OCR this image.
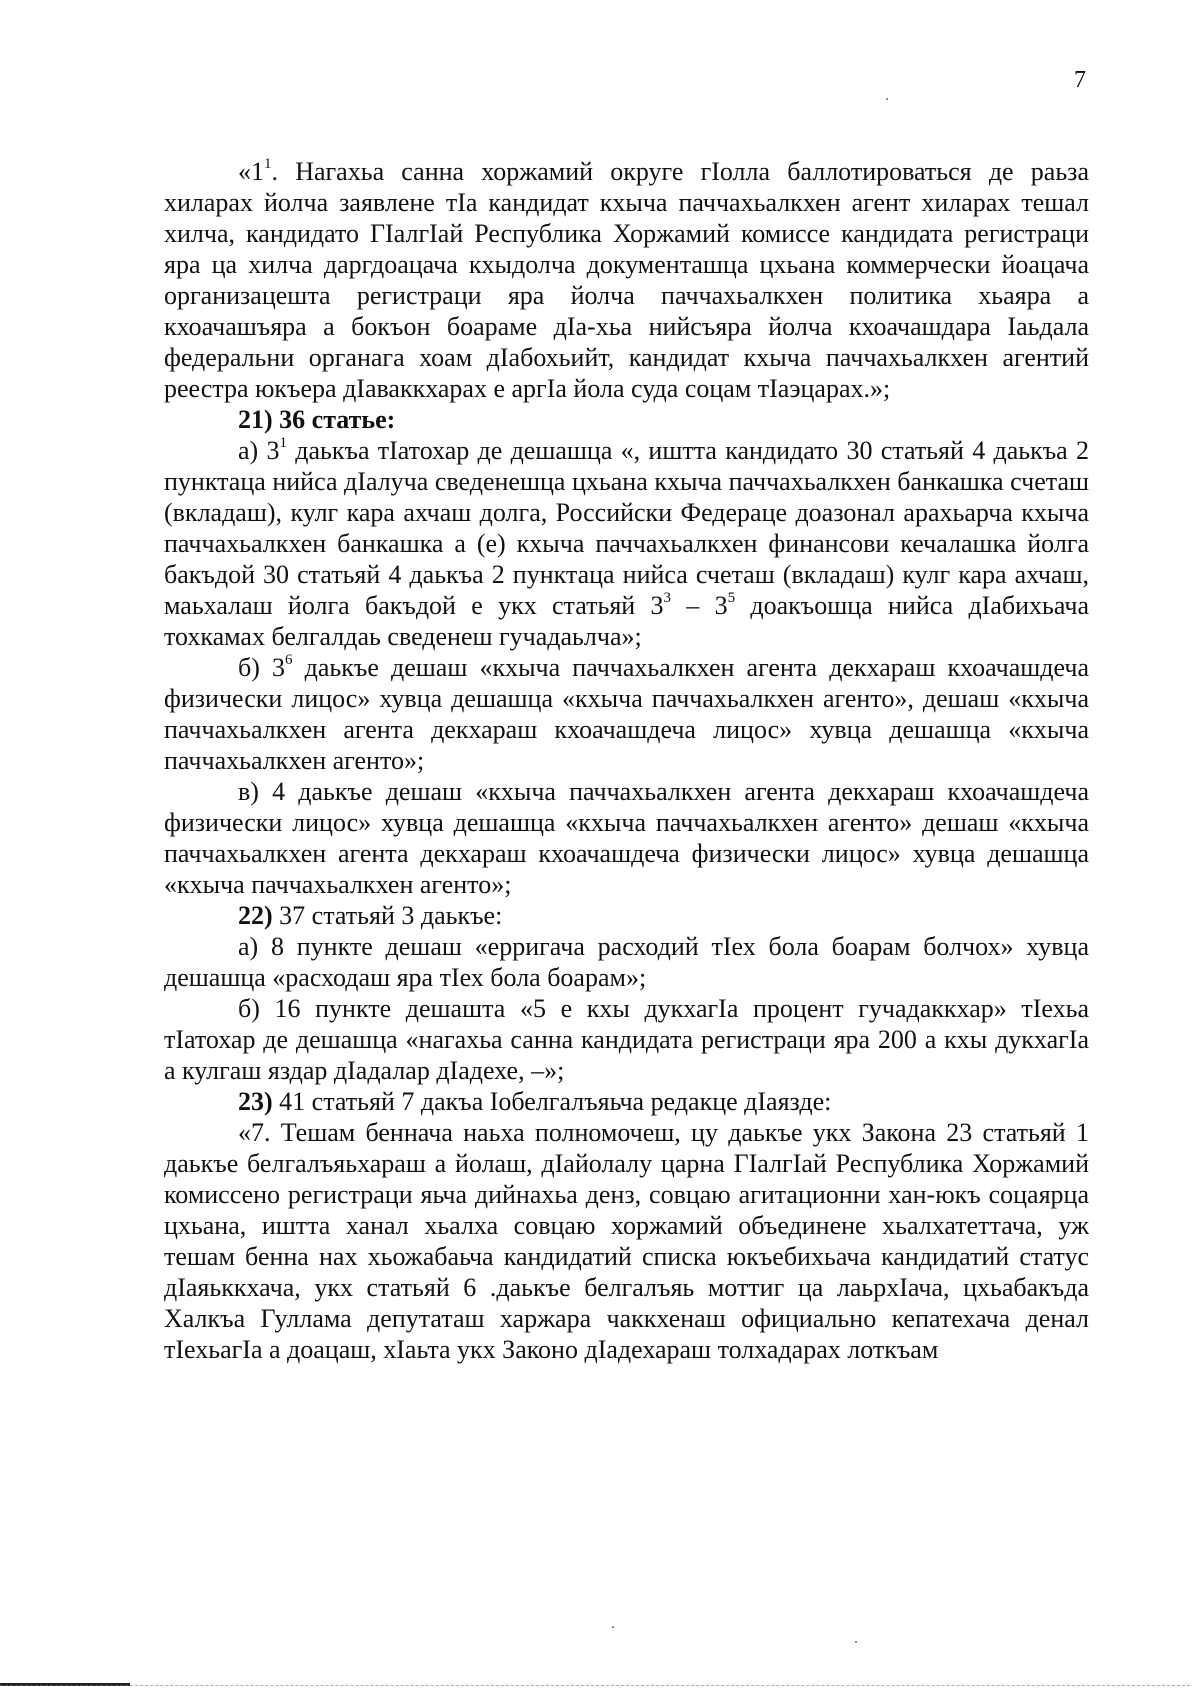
7

«$1^1$. Нагахьа санна хоржамий округе гІолла баллотироваться де раьза хиларах йолча заявлене тІа кандидат кхыча паччахьалкхен агент хиларах тешал хилча, кандидато ГІалгІай Республика Хоржамий комиссе кандидата регистраци яра ца хилча даргдоацача кхыдолча документашца цхьана коммерчески йоацача организацешта регистраци яра йолча паччахьалкхен политика хьаяра а кхоачашъяра а бокъон боараме дІа-хьа нийсъяра йолча кхоачашдара Іаьдала федеральни органага хоам дІабохьийт, кандидат кхыча паччахьалкхен агентий реестра юкъера дІаваккхарах е аргІа йола суда соцам тІаэцарах.»;

21) 36 статье:

а) $3^1$ даькъа тІатохар де дешашца «, иштта кандидато 30 статьяй 4 даькъа 2 пунктаца нийса дІалуча сведенешца цхьана кхыча паччахьалкхен банкашка счеташ (вкладаш), кулг кара ахчаш долга, Российски Федераце доазонал арахьарча кхыча паччахьалкхен банкашка а (е) кхыча паччахьалкхен финансови кечалашка йолга бакъдой 30 статьяй 4 даькъа 2 пунктаца нийса счеташ (вкладаш) кулг кара ахчаш, маьхалаш йолга бакъдой е укх статьяй $3^3 - 3^5$ доакъошца нийса дІабихьача тохкамах белгалдаь сведенеш гучадаьлча»;

б) $3^6$ даькъе дешаш «кхыча паччахьалкхен агента декхараш кхоачашдеча физически лицос» хувца дешашца «кхыча паччахьалкхен агенто», дешаш «кхыча паччахьалкхен агента декхараш кхоачашдеча лицос» хувца дешашца «кхыча паччахьалкхен агенто»;

в) 4 даькъе дешаш «кхыча паччахьалкхен агента декхараш кхоачашдеча физически лицос» хувца дешашца «кхыча паччахьалкхен агенто» дешаш «кхыча паччахьалкхен агента декхараш кхоачашдеча физически лицос» хувца дешашца «кхыча паччахьалкхен агенто»;

22) 37 статьяй 3 даькъе:

а) 8 пункте дешаш «ерригача расходий тІех бола боарам болчох» хувца дешашца «расходаш яра тІех бола боарам»;

б) 16 пункте дешашта «5 е кхы дукхагІа процент гучадаккхар» тІехьа тІатохар де дешашца «нагахьа санна кандидата регистраци яра 200 а кхы дукхагІа а кулгаш яздар дІадалар дІадехе, –»;

23) 41 статьяй 7 дакъа Іобелгалъяьча редакце дІаязде:

«7. Тешам беннача наьха полномочеш, цу даькъе укх Закона 23 статьяй 1 даькъе белгалъяьхараш а йолаш, дІайолалу царна ГІалгІай Республика Хоржамий комиссено регистраци яьча дийнахьа денз, совцаю агитационни хан-юкъ соцаярца цхьана, иштта ханал хьалха совцаю хоржамий объединене хьалхатеттача, уж тешам бенна нах хьожабаьча кандидатий списка юкъебихьача кандидатий статус дІаяьккхача, укх статьяй 6 .даькъе белгалъяь моттиг ца лаьрхІача, цхьабакъда Халкъа Гуллама депутаташ харжара чаккхенаш официально кепатехача денал тІехьагІа а доацаш, хІаьта укх Законо дІадехараш толхадарах лоткъам
